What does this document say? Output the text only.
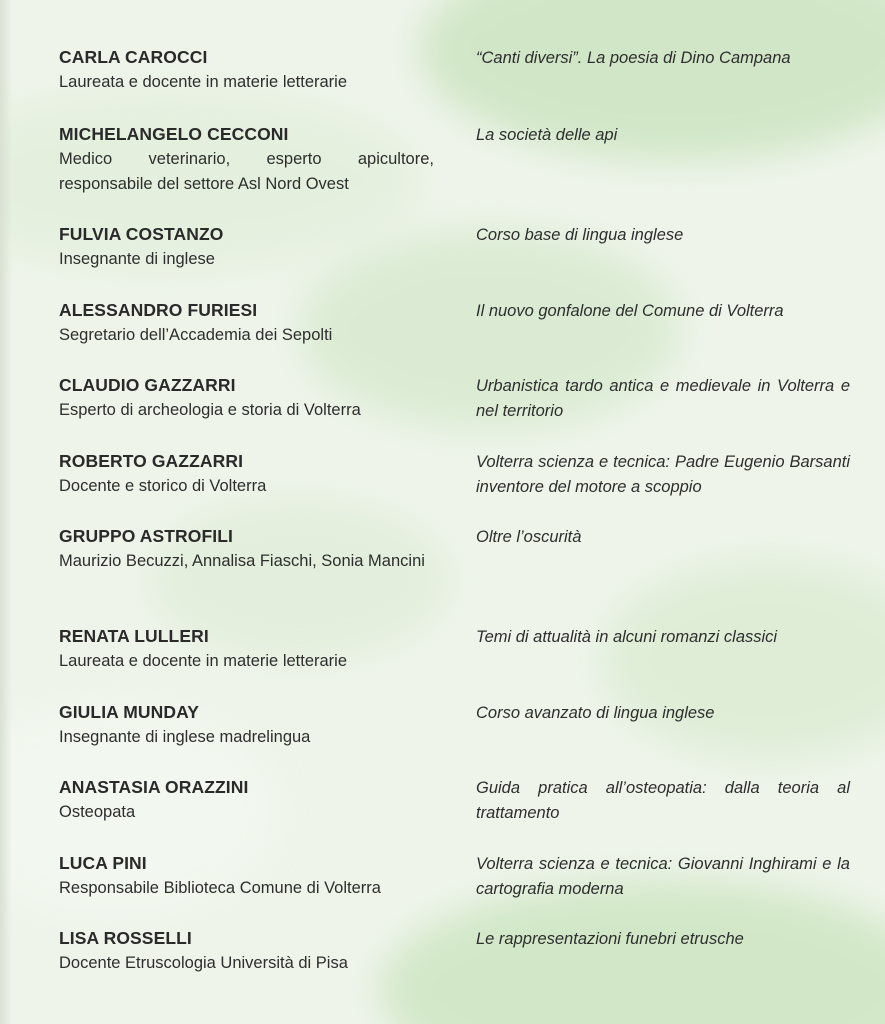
CARLA CAROCCI
Laureata e docente in materie letterarie
“Canti diversi”. La poesia di Dino Campana
MICHELANGELO CECCONI
Medico veterinario, esperto apicultore, responsabile del settore Asl Nord Ovest
La società delle api
FULVIA COSTANZO
Insegnante di inglese
Corso base di lingua inglese
ALESSANDRO FURIESI
Segretario dell’Accademia dei Sepolti
Il nuovo gonfalone del Comune di Volterra
CLAUDIO GAZZARRI
Esperto di archeologia e storia di Volterra
Urbanistica tardo antica e medievale in Volterra e nel territorio
ROBERTO GAZZARRI
Docente e storico di Volterra
Volterra scienza e tecnica: Padre Eugenio Barsanti inventore del motore a scoppio
GRUPPO ASTROFILI
Maurizio Becuzzi, Annalisa Fiaschi, Sonia Mancini
Oltre l’oscurità
RENATA LULLERI
Laureata e docente in materie letterarie
Temi di attualità in alcuni romanzi classici
GIULIA MUNDAY
Insegnante di inglese madrelingua
Corso avanzato di lingua inglese
ANASTASIA ORAZZINI
Osteopata
Guida pratica all’osteopatia: dalla teoria al trattamento
LUCA PINI
Responsabile Biblioteca Comune di Volterra
Volterra scienza e tecnica: Giovanni Inghirami e la cartografia moderna
LISA ROSSELLI
Docente Etruscologia Università di Pisa
Le rappresentazioni funebri etrusche
